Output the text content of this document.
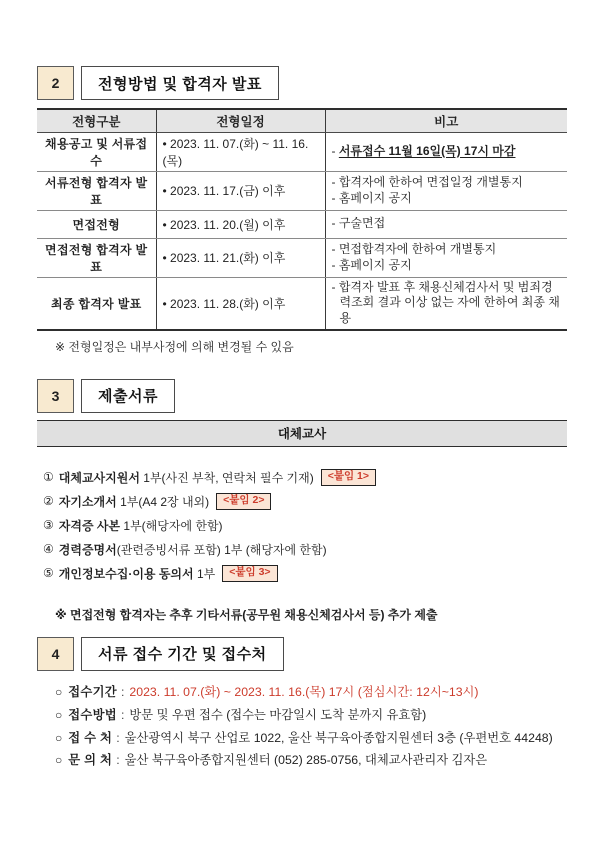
2	전형방법 및 합격자 발표
전형구분	전형일정	비고
채용공고 및 서류접수	• 2023. 11. 07.(화) ~ 11. 16.(목)	- 서류접수 11월 16일(목) 17시 마감

서류전형 합격자 발표	• 2023. 11. 17.(금) 이후	- 합격자에 한하여 면접일정 개별통지
- 홈페이지 공지

면접전형	• 2023. 11. 20.(월) 이후	- 구술면접

면접전형 합격자 발표	• 2023. 11. 21.(화) 이후	- 면접합격자에 한하여 개별통지
- 홈페이지 공지

최종 합격자 발표	• 2023. 11. 28.(화) 이후	- 합격자 발표 후 채용신체검사서 및 범죄경력조회 결과 이상 없는 자에 한하여 최종 채용
※ 전형일정은 내부사정에 의해 변경될 수 있음
3	제출서류
대체교사
① 대체교사지원서
1부(사진 부착, 연락처 필수 기재)	<붙임 1>
② 자기소개서
1부(A4 2장 내외)	<붙임 2>
③ 자격증 사본
1부(해당자에 한함)
④ 경력증명서 (관련증빙서류 포함) 1부 (해당자에 한함)
⑤ 개인정보수집·이용 동의서
1부	<붙임 3>
※ 면접전형 합격자는 추후 기타서류(공무원 채용신체검사서 등) 추가 제출
4	서류 접수 기간 및 접수처
○ 접수기간 : 2023. 11. 07.(화) ~ 2023. 11. 16.(목) 17시 (점심시간: 12시~13시)
○ 접수방법 : 방문 및 우편 접수 (접수는 마감일시 도착 분까지 유효함)
○ 접 수 처 : 울산광역시 북구 산업로 1022, 울산 북구육아종합지원센터 3층 (우편번호 44248)
○ 문 의 처 : 울산 북구육아종합지원센터 (052) 285-0756, 대체교사관리자 김자은
